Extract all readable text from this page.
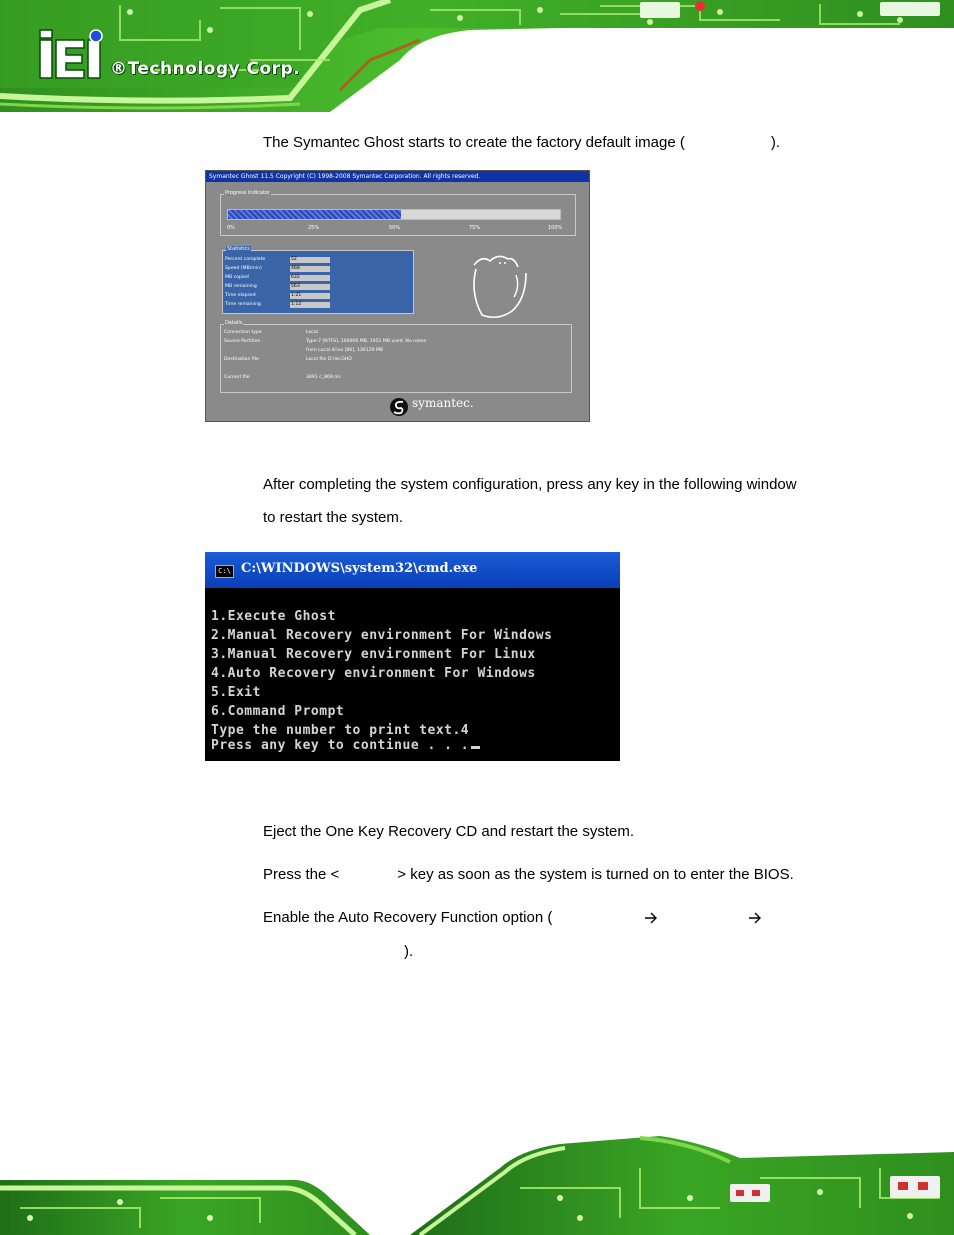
®Technology Corp.
The Symantec Ghost starts to create the factory default image (	).
Symantec Ghost 11.5 Copyright (C) 1998-2008 Symantec Corporation. All rights reserved.
Progress Indicator
0%	25%	50%	75%	100%
Statistics
Percent complete	52
Speed (MB/min)	468
MB copied	632
MB remaining	563
Time elapsed	1:21
Time remaining	1:12
Details
Connection type	Local
Source Partition	Type:7 [NTFS], 100006 MB, 1951 MB used, No name
from Local drive [80], 130129 MB
Destination file	Local file D:\iei.GHO
Current file	3891 c_869.nls
symantec.
After completing the system configuration, press any key in the following window
to restart the system.
C:\ C:\WINDOWS\system32\cmd.exe
1.Execute Ghost
2.Manual Recovery environment For Windows
3.Manual Recovery environment For Linux
4.Auto Recovery environment For Windows
5.Exit
6.Command Prompt
Type the number to print text.4
Press any key to continue . . .
Eject the One Key Recovery CD and restart the system.
Press the <	> key as soon as the system is turned on to enter the BIOS.
Enable the Auto Recovery Function option (
).
